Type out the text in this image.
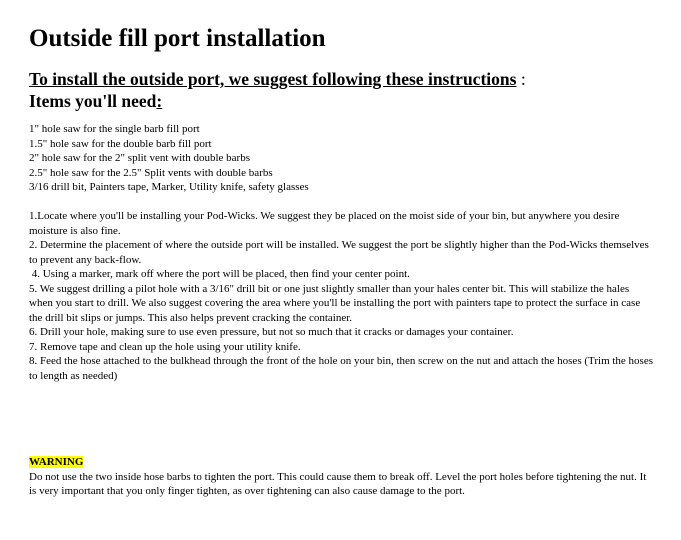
Outside fill port installation
To install the outside port, we suggest following these instructions :
Items you'll need:
1" hole saw for the single barb fill port
1.5" hole saw for the double barb fill port
2" hole saw for the 2" split vent with double barbs
2.5" hole saw for the 2.5" Split vents with double barbs
3/16 drill bit, Painters tape, Marker, Utility knife, safety glasses
1.Locate where you'll be installing your Pod-Wicks. We suggest they be placed on the moist side of your bin, but anywhere you desire moisture is also fine.
2. Determine the placement of where the outside port will be installed. We suggest the port be slightly higher than the Pod-Wicks themselves to prevent any back-flow.
4. Using a marker, mark off where the port will be placed, then find your center point.
5. We suggest drilling a pilot hole with a 3/16" drill bit or one just slightly smaller than your hales center bit. This will stabilize the hales when you start to drill. We also suggest covering the area where you'll be installing the port with painters tape to protect the surface in case the drill bit slips or jumps. This also helps prevent cracking the container.
6. Drill your hole, making sure to use even pressure, but not so much that it cracks or damages your container.
7. Remove tape and clean up the hole using your utility knife.
8. Feed the hose attached to the bulkhead through the front of the hole on your bin, then screw on the nut and attach the hoses (Trim the hoses to length as needed)
WARNING
Do not use the two inside hose barbs to tighten the port. This could cause them to break off. Level the port holes before tightening the nut. It is very important that you only finger tighten, as over tightening can also cause damage to the port.
